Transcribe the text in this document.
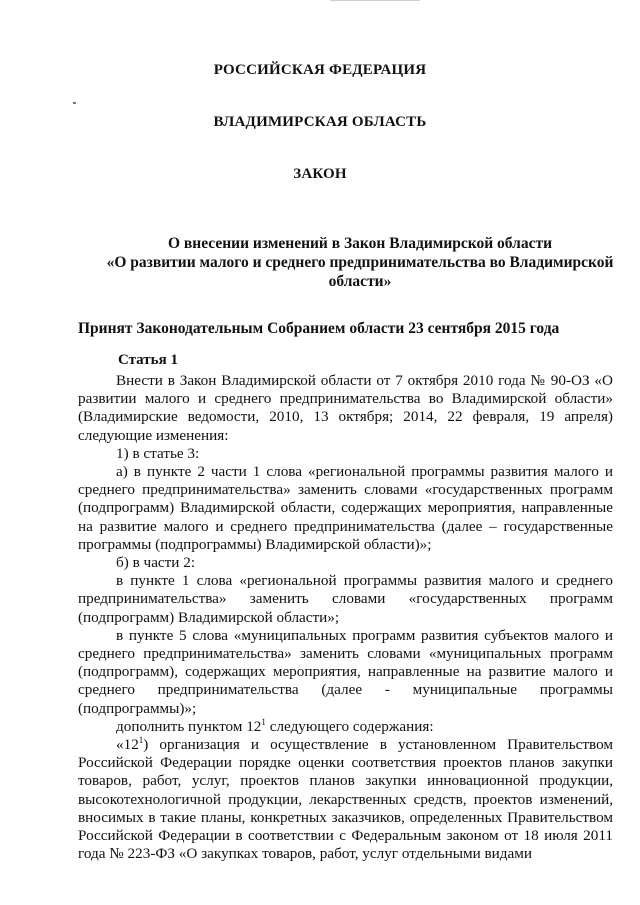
РОССИЙСКАЯ ФЕДЕРАЦИЯ
ВЛАДИМИРСКАЯ ОБЛАСТЬ
ЗАКОН
О внесении изменений в Закон Владимирской области
«О развитии малого и среднего предпринимательства во Владимирской
области»
Принят Законодательным Собранием области 23 сентября 2015 года
Статья 1

Внести в Закон Владимирской области от 7 октября 2010 года № 90-ОЗ «О развитии малого и среднего предпринимательства во Владимирской области» (Владимирские ведомости, 2010, 13 октября; 2014, 22 февраля, 19 апреля) следующие изменения:

1) в статье 3:

а) в пункте 2 части 1 слова «региональной программы развития малого и среднего предпринимательства» заменить словами «государственных программ (подпрограмм) Владимирской области, содержащих мероприятия, направленные на развитие малого и среднего предпринимательства (далее – государственные программы (подпрограммы) Владимирской области)»;

б) в части 2:

в пункте 1 слова «региональной программы развития малого и среднего предпринимательства» заменить словами «государственных программ (подпрограмм) Владимирской области»;

в пункте 5 слова «муниципальных программ развития субъектов малого и среднего предпринимательства» заменить словами «муниципальных программ (подпрограмм), содержащих мероприятия, направленные на развитие малого и среднего предпринимательства (далее - муниципальные программы (подпрограммы)»;

дополнить пунктом $12^1$ следующего содержания:

«$12^1$) организация и осуществление в установленном Правительством Российской Федерации порядке оценки соответствия проектов планов закупки товаров, работ, услуг, проектов планов закупки инновационной продукции, высокотехнологичной продукции, лекарственных средств, проектов изменений, вносимых в такие планы, конкретных заказчиков, определенных Правительством Российской Федерации в соответствии с Федеральным законом от 18 июля 2011 года № 223-ФЗ «О закупках товаров, работ, услуг отдельными видами
